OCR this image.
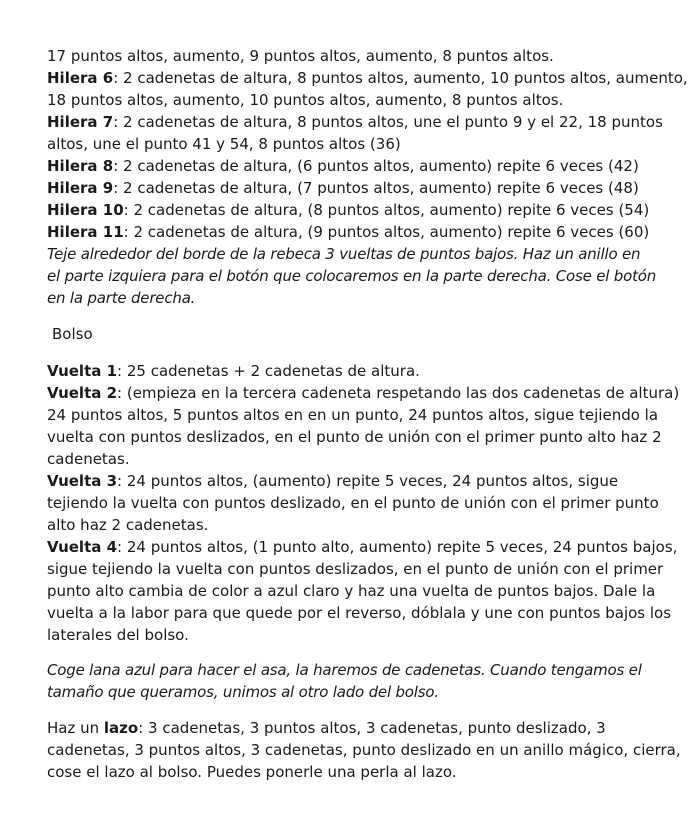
17 puntos altos, aumento, 9 puntos altos, aumento, 8 puntos altos.
Hilera 6: 2 cadenetas de altura, 8 puntos altos, aumento, 10 puntos altos, aumento,
18 puntos altos, aumento, 10 puntos altos, aumento, 8 puntos altos.
Hilera 7: 2 cadenetas de altura, 8 puntos altos, une el punto 9 y el 22, 18 puntos
altos, une el punto 41 y 54, 8 puntos altos (36)
Hilera 8: 2 cadenetas de altura, (6 puntos altos, aumento) repite 6 veces (42)
Hilera 9: 2 cadenetas de altura, (7 puntos altos, aumento) repite 6 veces (48)
Hilera 10: 2 cadenetas de altura, (8 puntos altos, aumento) repite 6 veces (54)
Hilera 11: 2 cadenetas de altura, (9 puntos altos, aumento) repite 6 veces (60)
Teje alrededor del borde de la rebeca 3 vueltas de puntos bajos. Haz un anillo en
el parte izquiera para el botón que colocaremos en la parte derecha. Cose el botón
en la parte derecha.
Bolso
Vuelta 1: 25 cadenetas + 2 cadenetas de altura.
Vuelta 2: (empieza en la tercera cadeneta respetando las dos cadenetas de altura)
24 puntos altos, 5 puntos altos en en un punto, 24 puntos altos, sigue tejiendo la
vuelta con puntos deslizados, en el punto de unión con el primer punto alto haz 2
cadenetas.
Vuelta 3: 24 puntos altos, (aumento) repite 5 veces, 24 puntos altos, sigue
tejiendo la vuelta con puntos deslizado, en el punto de unión con el primer punto
alto haz 2 cadenetas.
Vuelta 4: 24 puntos altos, (1 punto alto, aumento) repite 5 veces, 24 puntos bajos,
sigue tejiendo la vuelta con puntos deslizados, en el punto de unión con el primer
punto alto cambia de color a azul claro y haz una vuelta de puntos bajos. Dale la
vuelta a la labor para que quede por el reverso, dóblala y une con puntos bajos los
laterales del bolso.
Coge lana azul para hacer el asa, la haremos de cadenetas. Cuando tengamos el
tamaño que queramos, unimos al otro lado del bolso.
Haz un lazo: 3 cadenetas, 3 puntos altos, 3 cadenetas, punto deslizado, 3
cadenetas, 3 puntos altos, 3 cadenetas, punto deslizado en un anillo mágico, cierra,
cose el lazo al bolso. Puedes ponerle una perla al lazo.
